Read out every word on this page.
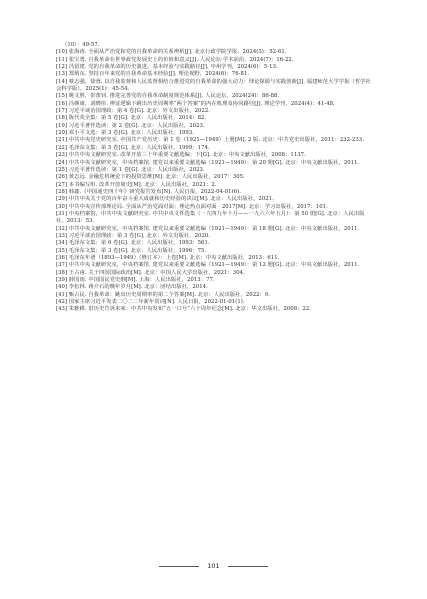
（10）：49-57.
[10] 张海涛. 全面从严治党和党的自我革命的关系辨析[J]. 北京行政学院学报，2024(3)：52-61.
[11] 张宝勇. 自我革命在世界政党发展史上的价值和意义[J]. 人民论坛·学术前沿，2024(7)：16-22.
[12] 冯留建. 党的自我革命的历史演进、基本经验与实践路径[J]. 中州学刊，2024(6)：5-13.
[13] 郑炳东. 坚持百年来党的自我革命基本经验[J]. 理论视野，2024(6)：76-81.
[14] 蔡志强，徐蓉. 以自我监督和人民监督相结合推进党的自我革命的强大动力：理论探源与实践创新[J]. 福建师范大学学报（哲学社会科学版），2025(1)：45-54.
[15] 姚文胜，彭蕾钊. 推进完善党的自我革命制度规范体系[J]. 人民论坛，2024(24)：86-88.
[16] 冯颜康，刘晓彤. 辨证逻辑下跳出历史周期率“两个答案”的内在机理及协同路径[J]. 理论学刊，2024(4)：41-48.
[17] 习近平谈治国理政：第 4 卷[G]. 北京：外文出版社，2022.
[18] 陈代英全集：第 5 卷[G]. 北京：人民出版社，2014：82.
[19] 习近平著作选读：第 2 卷[G]. 北京：人民出版社，2023.
[20] 邓小平文选：第 3 卷[G]. 北京：人民出版社，1993.
[21] 中共中央党史研究室. 中国共产党历史：第 1 卷（1921—1949）上册[M]. 2 版. 北京：中共党史出版社，2011：232-233.
[22] 毛泽东文集：第 5 卷[G]. 北京：人民出版社，1999：174.
[23] 中共中央文献研究室. 改革开放三十年重要文献选编：下[G]. 北京：中央文献出版社，2008：1137.
[24] 中共中央文献研究室，中央档案馆. 建党以来重要文献选编（1921—1949）：第 20 册[G]. 北京：中央文献出版社，2011.
[25] 习近平著作选读：第 1 卷[G]. 北京：人民出版社，2023.
[26] 黄志远. 金融危机统论下的投资思维[M]. 北京：人民出版社，2017：305.
[27] 本书编写组. 改革开放简史[M]. 北京：人民出版社，2021：2.
[28] 韩鑫.《中国通史四十年》研究报告发布[N]. 人民日报，2022-04-01(6).
[29] 中共中央关于党的百年奋斗重大成就和历史经验的决议[M]. 北京：人民出版社，2021.
[30] 中共中央宣传部理论局. 全面从严治党面对面：理论热点面对面 · 2017[M]. 北京：学习出版社，2017：101.
[31] 中央档案馆，中共中央文献研究室. 中共中央文件选集（一九四九年十月——一九六六年五月）：第 50 册[G]. 北京：人民出版社，2013：53.
[32] 中共中央文献研究室，中央档案馆. 建党以来重要文献选编（1921—1949）：第 18 册[G]. 北京：中央文献出版社，2011.
[33] 习近平谈治国理政：第 3 卷[G]. 北京：外文出版社，2020.
[34] 毛泽东文集：第 6 卷[G]. 北京：人民出版社，1993：561.
[35] 毛泽东文集：第 3 卷[G]. 北京：人民出版社，1996：75.
[36] 毛泽东年谱（1893—1949）（修订本）：上卷[M]. 北京：中央文献出版社，2013：611.
[37] 中共中央文献研究室，中央档案馆. 建党以来重要文献选编（1921—1949）：第 12 册[G]. 北京：中央文献出版社，2011.
[38] 王占甫. 关于四国国际政治[M]. 北京：中国人民大学出版社，2021：304.
[39] 薛国雨. 中国国民党史纲[M]. 上海：人民出版社，2013：77.
[40] 李松林. 蒋介石的晚年岁月[M]. 北京：团结出版社，2014.
[41] 甄占民. 自我革命：跳出历史周期率的第二个答案[M]. 北京：人民出版社，2022：9.
[42] 国家主席习近平发表二〇二二年新年贺词[N]. 人民日报，2022-01-01(1).
[43] 朱雅耕. 旧历史告诉未来：中共中央发布“五一口号”六十周年纪念[M]. 北京：华文出版社，2008：22.
101
